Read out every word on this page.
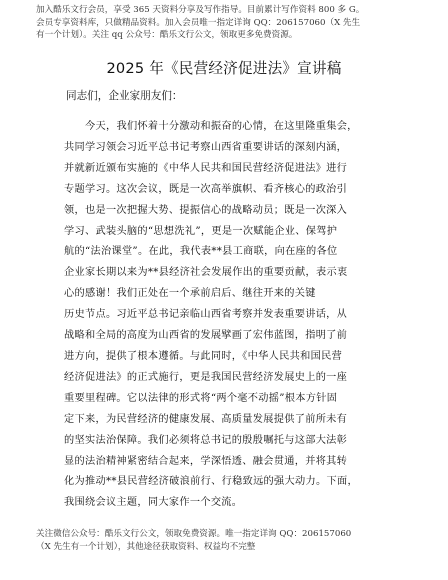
加入酷乐文行会员，享受 365 天资料分享及写作指导。目前累计写作资料 800 多 G。
会员专享资料库，只做精品资料。加入会员唯一指定详询 QQ：206157060（X 先生
有一个计划）。关注 qq 公众号：酷乐文行公文，领取更多免费资源。
2025 年《民营经济促进法》宣讲稿
同志们，企业家朋友们：
今天，我们怀着十分激动和振奋的心情，在这里隆重集会，
共同学习领会习近平总书记考察山西省重要讲话的深刻内涵，
并就新近颁布实施的《中华人民共和国民营经济促进法》进行
专题学习。这次会议，既是一次高举旗帜、看齐核心的政治引
领，也是一次把握大势、提振信心的战略动员；既是一次深入
学习、武装头脑的“思想洗礼”，更是一次赋能企业、保驾护
航的“法治课堂”。在此，我代表**县工商联，向在座的各位
企业家长期以来为**县经济社会发展作出的重要贡献，表示衷
心的感谢！我们正处在一个承前启后、继往开来的关键
历史节点。习近平总书记亲临山西省考察并发表重要讲话，从
战略和全局的高度为山西省的发展擘画了宏伟蓝图，指明了前
进方向，提供了根本遵循。与此同时，《中华人民共和国民营
经济促进法》的正式施行，更是我国民营经济发展史上的一座
重要里程碑。它以法律的形式将“两个毫不动摇”根本方针固
定下来，为民营经济的健康发展、高质量发展提供了前所未有
的坚实法治保障。我们必须将总书记的殷殷嘱托与这部大法彰
显的法治精神紧密结合起来，学深悟透、融会贯通，并将其转
化为推动**县民营经济破浪前行、行稳致远的强大动力。下面，
我围绕会议主题，同大家作一个交流。
关注微信公众号：酷乐文行公文，领取免费资源。唯一指定详询 QQ：206157060
（X 先生有一个计划），其他途径获取资料、权益均不完整
